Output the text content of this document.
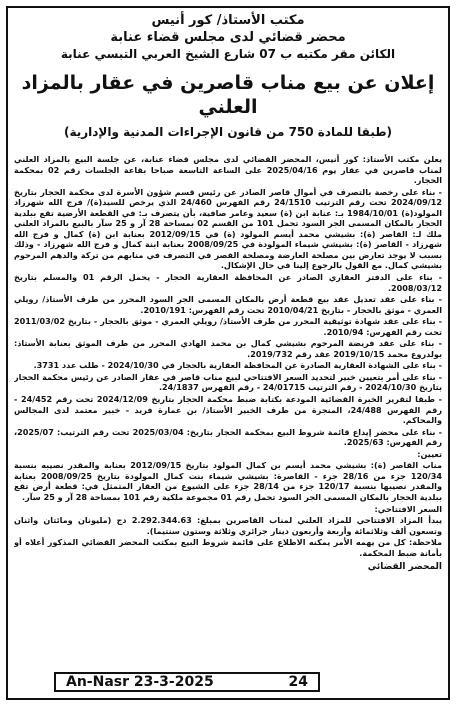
مكتب الأستاذ/ كور أنيس
محضر قضائي لدى مجلس قضاء عنابة
الكائن مقر مكتبه ب 07 شارع الشيخ العربي التبسي عنابة
إعلان عن بيع مناب قاصرين في عقار بالمزاد العلني
(طبقا للمادة 750 من قانون الإجراءات المدنية والإدارية)

يعلن مكتب الأستاذ: كور أنيس، المحضر القضائي لدى مجلس قضاء عنابة، عن جلسة البيع بالمزاد العلني لمناب قاصرين في عقار يوم 2025/04/16 على الساعة التاسعة صباحا بقاعة الجلسات رقم 02 بمحكمة الحجار.

- بناء على رخصة بالتصرف في أموال قاصر الصادر عن رئيس قسم شؤون الأسرة لدى محكمة الحجار بتاريخ 2024/09/12 تحت رقم الترتيب 24/1510 رقم الفهرس 24/460 الذي يرخص للسيد(ة)/ فرج الله شهرزاد المولود(ة) 1984/10/01 بـ: عنابة ابن (ة) سعيد وعامر صافية، بأن يتصرف بـ: في القطعة الأرضية تقع ببلدية الحجار بالمكان المسمى الجر السود تحمل 101 من القسم 02 بمساحة 28 آر و 25 سآر بالبيع بالمزاد العلني ملك لـ: القاصر (ة): بشيشي محمد أيسم المولود (ة) في 2012/09/15 بعنابة ابن (ة) كمال و فرج الله شهرزاد - القاصر (ة): بشيشي شيماء المولودة في 2008/09/25 بعنابة ابنة كمال و فرج الله شهرزاد - وذلك بسبب لا يوجد تعارض بين مصلحة العارضة ومصلحة القصر في التصرف في منابهم من تركة والدهم المرحوم بشيشي كمال. مع القول بالرجوع إلينا في حال الإشكال.

- بناء على الدفتر العقاري الصادر عن المحافظة العقارية الحجار - يحمل الرقم 01 والمسلم بتاريخ 2008/03/12.

- بناء على عقد تعديل عقد بيع قطعة أرض بالمكان المسمى الجر السود المحرر من طرف الأستاذ/ رويلي العمري - موثق بالحجار - بتاريخ 2010/04/21 تحت رقم الفهرس: 2010/191.

- بناء على عقد شهادة توثيقية المحرر من طرف الأستاذ/ رويلي العمري - موثق بالحجار - بتاريخ 2011/03/02 تحت رقم الفهرس: 2010/94.

- بناء على عقد فريضة المرحوم بشيشي كمال بن محمد الهادي المحرر من طرف الموثق بعنابة الأستاذ: بولدروع محمد 2019/10/15 عقد رقم 2019/732.

- بناء على الشهادة العقارية الصادرة عن المحافظة العقارية بالحجار في 2024/10/30 - طلب عدد 3731.

- بناء على أمر بتعيين خبير لتحديد السعر الافتتاحي لبيع مناب قاصر في عقار الصادر عن رئيس محكمة الحجار بتاريخ 2024/10/30 - رقم الترتيب 24/01715 - رقم الفهرس 24/1837.

- طبقا لتقرير الخبرة القضائية المودعة بكتابة ضبط محكمة الحجار بتاريخ 2024/12/09 تحت رقم 24/452 - رقم الفهرس 24/488، المنجزة من طرف الخبير الأستاذ/ بن عمارة فريد - خبير معتمد لدى المجالس والمحاكم.

- بناء على محضر إيداع قائمة شروط البيع بمحكمة الحجار بتاريخ: 2025/03/04 تحت رقم الترتيب: 2025/07، رقم الفهرس: 2025/63.

تعيين:

مناب القاصر (ة): بشيشي محمد أيسم بن كمال المولود بتاريخ 2012/09/15 بعنابة والمقدر نصيبه بنسبة 120/34 جزء من 28/16 جزء - القاصرة: بشيشي شيماء بنت كمال المولودة بتاريخ 2008/09/25 بعنابة والمقدر نصيبها بنسبة 120/17 جزء من 28/14 جزء على الشيوع من العقار المتمثل في: قطعة أرض تقع ببلدية الحجار بالمكان المسمى الجر السود تحمل رقم 01 مجموعة ملكية رقم 101 بمساحة 28 آر و 25 سآر.

السعر الافتتاحي:

يبدأ المزاد الافتتاحي للمزاد العلني لمناب القاصرين بمبلغ: 2.292.344.63 دج (مليونان ومائتان واثنان وتسعون ألف وثلاثمائة وأربعة وأربعون دينار جزائري وثلاثة وستون سنتيما).

ملاحظة: كل من يهمه الأمر يمكنه الاطلاع على قائمة شروط البيع بمكتب المحضر القضائي المذكور أعلاه أو بأمانة ضبط المحكمة.

المحضر القضائي
An-Nasr 23-3-2025	24
